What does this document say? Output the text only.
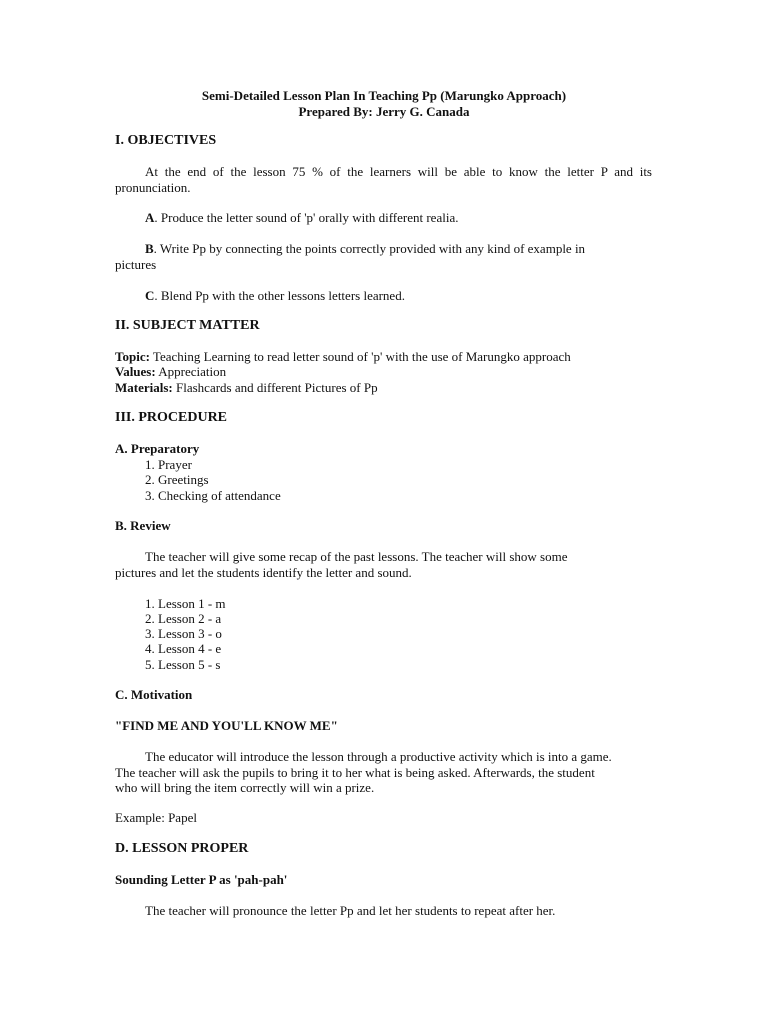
Semi-Detailed Lesson Plan In Teaching Pp (Marungko Approach)
Prepared By: Jerry G. Canada
I. OBJECTIVES
At the end of the lesson 75 % of the learners will be able to know the letter P and its
pronunciation.
A. Produce the letter sound of 'p' orally with different realia.
B. Write Pp by connecting the points correctly provided with any kind of example in
pictures
C. Blend Pp with the other lessons letters learned.
II. SUBJECT MATTER
Topic: Teaching Learning to read letter sound of 'p' with the use of Marungko approach
Values: Appreciation
Materials: Flashcards and different Pictures of Pp
III. PROCEDURE
A. Preparatory
1. Prayer
2. Greetings
3. Checking of attendance
B. Review
The teacher will give some recap of the past lessons. The teacher will show some
pictures and let the students identify the letter and sound.
1. Lesson 1 - m
2. Lesson 2 - a
3. Lesson 3 - o
4. Lesson 4 - e
5. Lesson 5 - s
C. Motivation
"FIND ME AND YOU'LL KNOW ME"
The educator will introduce the lesson through a productive activity which is into a game.
The teacher will ask the pupils to bring it to her what is being asked. Afterwards, the student
who will bring the item correctly will win a prize.
Example: Papel
D. LESSON PROPER
Sounding Letter P as 'pah-pah'
The teacher will pronounce the letter Pp and let her students to repeat after her.
